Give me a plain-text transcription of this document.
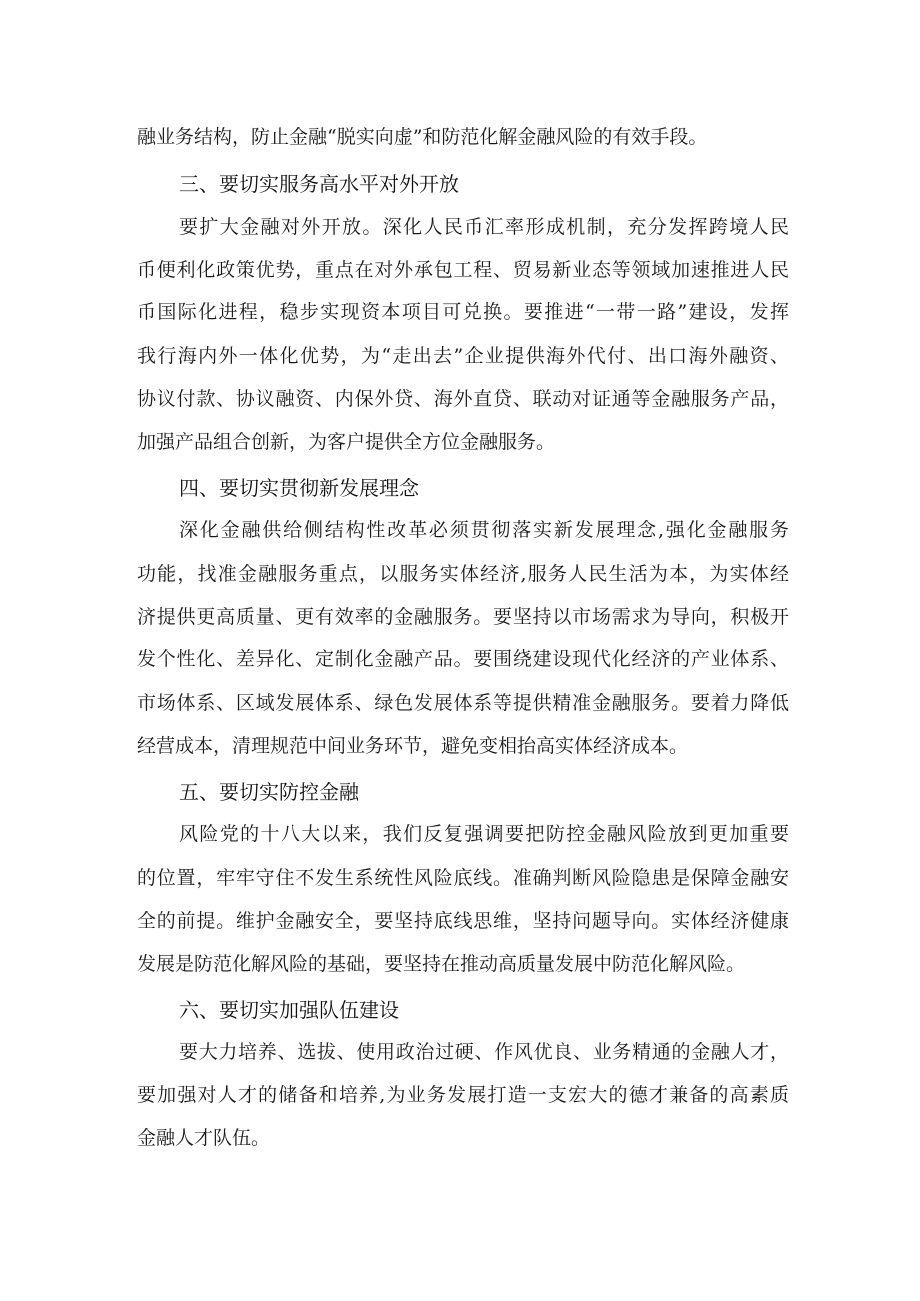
融业务结构，防止金融“脱实向虚”和防范化解金融风险的有效手段。
三、要切实服务高水平对外开放
要扩大金融对外开放。深化人民币汇率形成机制，充分发挥跨境人民
币便利化政策优势，重点在对外承包工程、贸易新业态等领域加速推进人民
币国际化进程，稳步实现资本项目可兑换。要推进“一带一路”建设，发挥
我行海内外一体化优势，为“走出去”企业提供海外代付、出口海外融资、
协议付款、协议融资、内保外贷、海外直贷、联动对证通等金融服务产品，
加强产品组合创新，为客户提供全方位金融服务。
四、要切实贯彻新发展理念
深化金融供给侧结构性改革必须贯彻落实新发展理念,强化金融服务
功能，找准金融服务重点，以服务实体经济,服务人民生活为本，为实体经
济提供更高质量、更有效率的金融服务。要坚持以市场需求为导向，积极开
发个性化、差异化、定制化金融产品。要围绕建设现代化经济的产业体系、
市场体系、区域发展体系、绿色发展体系等提供精准金融服务。要着力降低
经营成本，清理规范中间业务环节，避免变相抬高实体经济成本。
五、要切实防控金融
风险党的十八大以来，我们反复强调要把防控金融风险放到更加重要
的位置，牢牢守住不发生系统性风险底线。准确判断风险隐患是保障金融安
全的前提。维护金融安全，要坚持底线思维，坚持问题导向。实体经济健康
发展是防范化解风险的基础，要坚持在推动高质量发展中防范化解风险。
六、要切实加强队伍建设
要大力培养、选拔、使用政治过硬、作风优良、业务精通的金融人才，
要加强对人才的储备和培养,为业务发展打造一支宏大的德才兼备的高素质
金融人才队伍。
